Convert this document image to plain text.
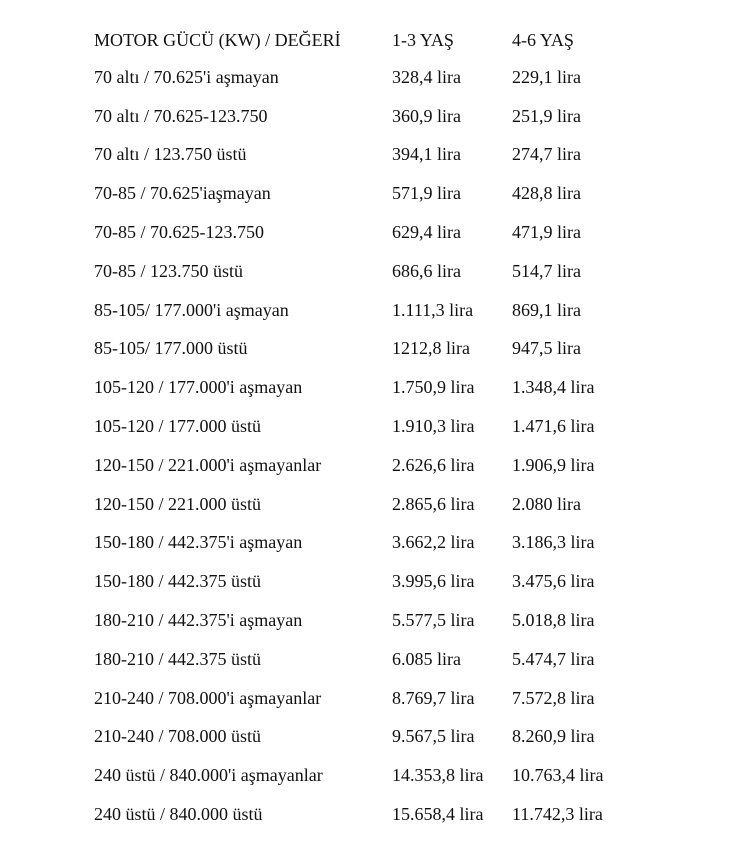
MOTOR GÜCÜ (KW) / DEĞERİ	1-3 YAŞ	4-6 YAŞ
70 altı / 70.625'i aşmayan	328,4 lira	229,1 lira
70 altı / 70.625-123.750	360,9 lira	251,9 lira
70 altı / 123.750 üstü	394,1 lira	274,7 lira
70-85 / 70.625'iaşmayan	571,9 lira	428,8 lira
70-85 / 70.625-123.750	629,4 lira	471,9 lira
70-85 / 123.750 üstü	686,6 lira	514,7 lira
85-105/ 177.000'i aşmayan	1.111,3 lira	869,1 lira
85-105/ 177.000 üstü	1212,8 lira	947,5 lira
105-120 / 177.000'i aşmayan	1.750,9 lira	1.348,4 lira
105-120 / 177.000 üstü	1.910,3 lira	1.471,6 lira
120-150 / 221.000'i aşmayanlar	2.626,6 lira	1.906,9 lira
120-150 / 221.000 üstü	2.865,6 lira	2.080 lira
150-180 / 442.375'i aşmayan	3.662,2 lira	3.186,3 lira
150-180 / 442.375 üstü	3.995,6 lira	3.475,6 lira
180-210 / 442.375'i aşmayan	5.577,5 lira	5.018,8 lira
180-210 / 442.375 üstü	6.085 lira	5.474,7 lira
210-240 / 708.000'i aşmayanlar	8.769,7 lira	7.572,8 lira
210-240 / 708.000 üstü	9.567,5 lira	8.260,9 lira
240 üstü / 840.000'i aşmayanlar	14.353,8 lira	10.763,4 lira
240 üstü / 840.000 üstü	15.658,4 lira	11.742,3 lira
